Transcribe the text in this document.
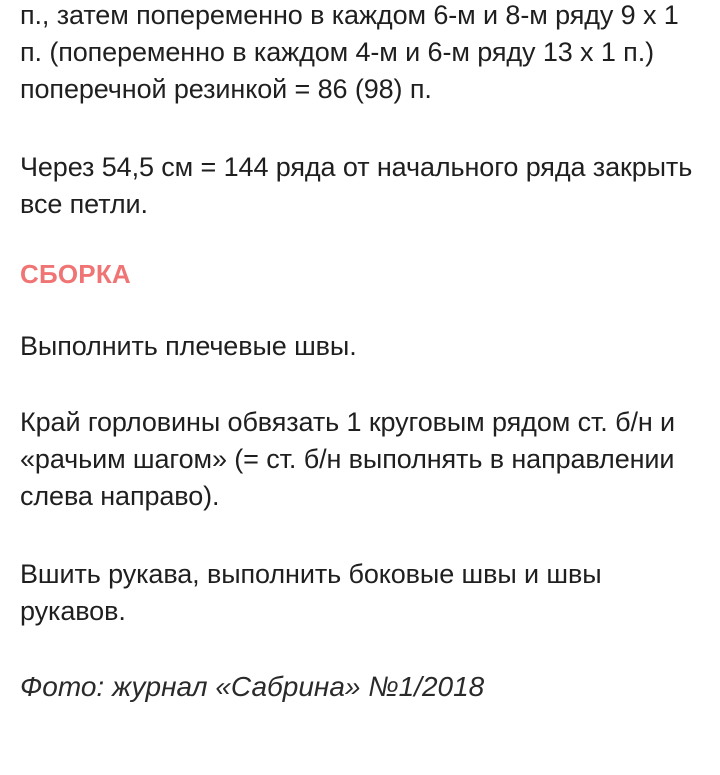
п., затем попеременно в каждом 6-м и 8-м ряду 9 х 1 п. (попеременно в каждом 4-м и 6-м ряду 13 х 1 п.) поперечной резинкой = 86 (98) п.

Через 54,5 см = 144 ряда от начального ряда закрыть все петли.

СБОРКА

Выполнить плечевые швы.

Край горловины обвязать 1 круговым рядом ст. б/н и «рачьим шагом» (= ст. б/н выполнять в направлении слева направо).

Вшить рукава, выполнить боковые швы и швы рукавов.

Фото: журнал «Сабрина» №1/2018
